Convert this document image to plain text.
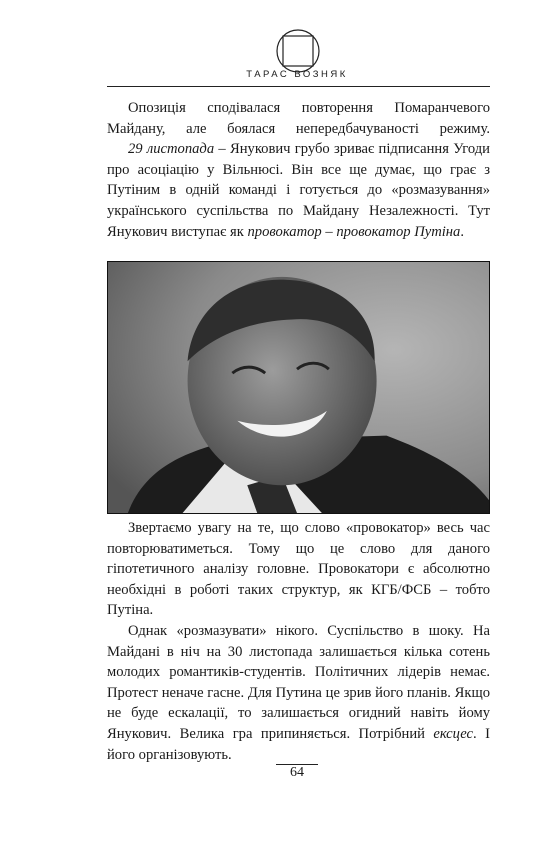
ТАРАС ВОЗНЯК

Опозиція сподівалася повторення Помаранчевого Майдану, але боялася непередбачуваності режиму.

29 листопада – Янукович грубо зриває підписання Угоди про асоціацію у Вільнюсі. Він все ще думає, що грає з Путіним в одній команді і готується до «розмазування» українського суспільства по Майдану Незалежності. Тут Янукович виступає як провокатор – провокатор Путіна.

Звертаємо увагу на те, що слово «провокатор» весь час повторюватиметься. Тому що це слово для даного гіпотетичного аналізу головне. Провокатори є абсолютно необхідні в роботі таких структур, як КГБ/ФСБ – тобто Путіна.

Однак «розмазувати» нікого. Суспільство в шоку. На Майдані в ніч на 30 листопада залишається кілька сотень молодих романтиків-студентів. Політичних лідерів немає. Протест неначе гасне. Для Путина це зрив його планів. Якщо не буде ескалації, то залишається огидний навіть йому Янукович. Велика гра припиняється. Потрібний ексцес. І його організовують.

64
